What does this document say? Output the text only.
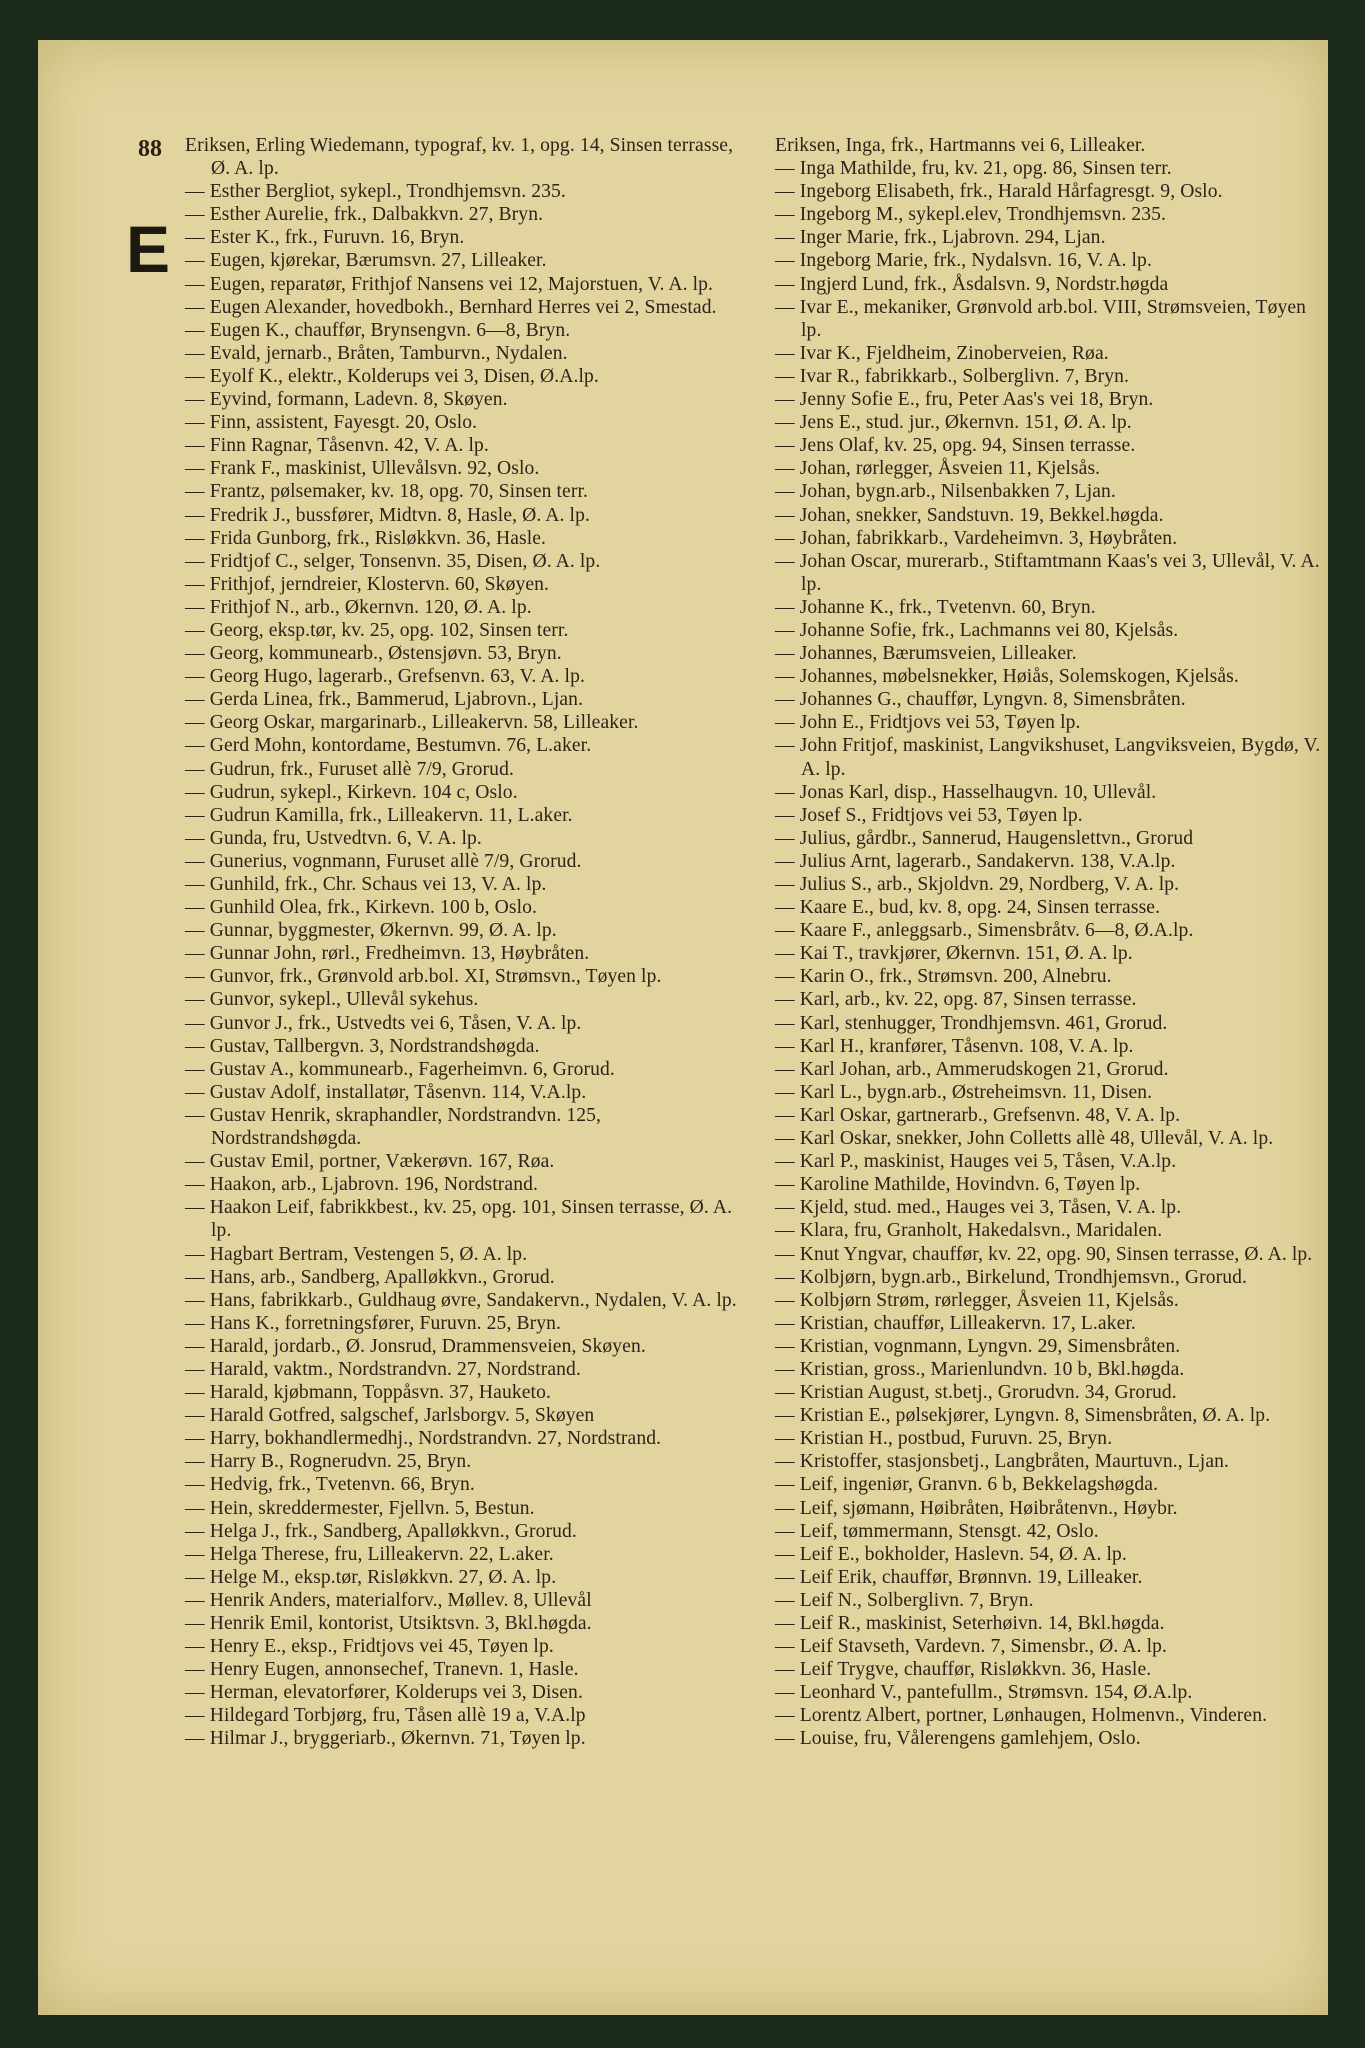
88
E

Eriksen, Erling Wiedemann, typograf, kv. 1, opg. 14, Sinsen terrasse, Ø. A. lp.

— Esther Bergliot, sykepl., Trondhjemsvn. 235.

— Esther Aurelie, frk., Dalbakkvn. 27, Bryn.

— Ester K., frk., Furuvn. 16, Bryn.

— Eugen, kjørekar, Bærumsvn. 27, Lilleaker.

— Eugen, reparatør, Frithjof Nansens vei 12, Majorstuen, V. A. lp.

— Eugen Alexander, hovedbokh., Bernhard Herres vei 2, Smestad.

— Eugen K., chauffør, Brynsengvn. 6—8, Bryn.

— Evald, jernarb., Bråten, Tamburvn., Nydalen.

— Eyolf K., elektr., Kolderups vei 3, Disen, Ø.A.lp.

— Eyvind, formann, Ladevn. 8, Skøyen.

— Finn, assistent, Fayesgt. 20, Oslo.

— Finn Ragnar, Tåsenvn. 42, V. A. lp.

— Frank F., maskinist, Ullevålsvn. 92, Oslo.

— Frantz, pølsemaker, kv. 18, opg. 70, Sinsen terr.

— Fredrik J., bussfører, Midtvn. 8, Hasle, Ø. A. lp.

— Frida Gunborg, frk., Risløkkvn. 36, Hasle.

— Fridtjof C., selger, Tonsenvn. 35, Disen, Ø. A. lp.

— Frithjof, jerndreier, Klostervn. 60, Skøyen.

— Frithjof N., arb., Økernvn. 120, Ø. A. lp.

— Georg, eksp.tør, kv. 25, opg. 102, Sinsen terr.

— Georg, kommunearb., Østensjøvn. 53, Bryn.

— Georg Hugo, lagerarb., Grefsenvn. 63, V. A. lp.

— Gerda Linea, frk., Bammerud, Ljabrovn., Ljan.

— Georg Oskar, margarinarb., Lilleakervn. 58, Lilleaker.

— Gerd Mohn, kontordame, Bestumvn. 76, L.aker.

— Gudrun, frk., Furuset allè 7/9, Grorud.

— Gudrun, sykepl., Kirkevn. 104 c, Oslo.

— Gudrun Kamilla, frk., Lilleakervn. 11, L.aker.

— Gunda, fru, Ustvedtvn. 6, V. A. lp.

— Gunerius, vognmann, Furuset allè 7/9, Grorud.

— Gunhild, frk., Chr. Schaus vei 13, V. A. lp.

— Gunhild Olea, frk., Kirkevn. 100 b, Oslo.

— Gunnar, byggmester, Økernvn. 99, Ø. A. lp.

— Gunnar John, rørl., Fredheimvn. 13, Høybråten.

— Gunvor, frk., Grønvold arb.bol. XI, Strømsvn., Tøyen lp.

— Gunvor, sykepl., Ullevål sykehus.

— Gunvor J., frk., Ustvedts vei 6, Tåsen, V. A. lp.

— Gustav, Tallbergvn. 3, Nordstrandshøgda.

— Gustav A., kommunearb., Fagerheimvn. 6, Grorud.

— Gustav Adolf, installatør, Tåsenvn. 114, V.A.lp.

— Gustav Henrik, skraphandler, Nordstrandvn. 125, Nordstrandshøgda.

— Gustav Emil, portner, Vækerøvn. 167, Røa.

— Haakon, arb., Ljabrovn. 196, Nordstrand.

— Haakon Leif, fabrikkbest., kv. 25, opg. 101, Sinsen terrasse, Ø. A. lp.

— Hagbart Bertram, Vestengen 5, Ø. A. lp.

— Hans, arb., Sandberg, Apalløkkvn., Grorud.

— Hans, fabrikkarb., Guldhaug øvre, Sandakervn., Nydalen, V. A. lp.

— Hans K., forretningsfører, Furuvn. 25, Bryn.

— Harald, jordarb., Ø. Jonsrud, Drammensveien, Skøyen.

— Harald, vaktm., Nordstrandvn. 27, Nordstrand.

— Harald, kjøbmann, Toppåsvn. 37, Hauketo.

— Harald Gotfred, salgschef, Jarlsborgv. 5, Skøyen

— Harry, bokhandlermedhj., Nordstrandvn. 27, Nordstrand.

— Harry B., Rognerudvn. 25, Bryn.

— Hedvig, frk., Tvetenvn. 66, Bryn.

— Hein, skreddermester, Fjellvn. 5, Bestun.

— Helga J., frk., Sandberg, Apalløkkvn., Grorud.

— Helga Therese, fru, Lilleakervn. 22, L.aker.

— Helge M., eksp.tør, Risløkkvn. 27, Ø. A. lp.

— Henrik Anders, materialforv., Møllev. 8, Ullevål

— Henrik Emil, kontorist, Utsiktsvn. 3, Bkl.høgda.

— Henry E., eksp., Fridtjovs vei 45, Tøyen lp.

— Henry Eugen, annonsechef, Tranevn. 1, Hasle.

— Herman, elevatorfører, Kolderups vei 3, Disen.

— Hildegard Torbjørg, fru, Tåsen allè 19 a, V.A.lp

— Hilmar J., bryggeriarb., Økernvn. 71, Tøyen lp.

Eriksen, Inga, frk., Hartmanns vei 6, Lilleaker.

— Inga Mathilde, fru, kv. 21, opg. 86, Sinsen terr.

— Ingeborg Elisabeth, frk., Harald Hårfagresgt. 9, Oslo.

— Ingeborg M., sykepl.elev, Trondhjemsvn. 235.

— Inger Marie, frk., Ljabrovn. 294, Ljan.

— Ingeborg Marie, frk., Nydalsvn. 16, V. A. lp.

— Ingjerd Lund, frk., Åsdalsvn. 9, Nordstr.høgda

— Ivar E., mekaniker, Grønvold arb.bol. VIII, Strømsveien, Tøyen lp.

— Ivar K., Fjeldheim, Zinoberveien, Røa.

— Ivar R., fabrikkarb., Solberglivn. 7, Bryn.

— Jenny Sofie E., fru, Peter Aas's vei 18, Bryn.

— Jens E., stud. jur., Økernvn. 151, Ø. A. lp.

— Jens Olaf, kv. 25, opg. 94, Sinsen terrasse.

— Johan, rørlegger, Åsveien 11, Kjelsås.

— Johan, bygn.arb., Nilsenbakken 7, Ljan.

— Johan, snekker, Sandstuvn. 19, Bekkel.høgda.

— Johan, fabrikkarb., Vardeheimvn. 3, Høybråten.

— Johan Oscar, murerarb., Stiftamtmann Kaas's vei 3, Ullevål, V. A. lp.

— Johanne K., frk., Tvetenvn. 60, Bryn.

— Johanne Sofie, frk., Lachmanns vei 80, Kjelsås.

— Johannes, Bærumsveien, Lilleaker.

— Johannes, møbelsnekker, Høiås, Solemskogen, Kjelsås.

— Johannes G., chauffør, Lyngvn. 8, Simensbråten.

— John E., Fridtjovs vei 53, Tøyen lp.

— John Fritjof, maskinist, Langvikshuset, Langviksveien, Bygdø, V. A. lp.

— Jonas Karl, disp., Hasselhaugvn. 10, Ullevål.

— Josef S., Fridtjovs vei 53, Tøyen lp.

— Julius, gårdbr., Sannerud, Haugenslettvn., Grorud

— Julius Arnt, lagerarb., Sandakervn. 138, V.A.lp.

— Julius S., arb., Skjoldvn. 29, Nordberg, V. A. lp.

— Kaare E., bud, kv. 8, opg. 24, Sinsen terrasse.

— Kaare F., anleggsarb., Simensbråtv. 6—8, Ø.A.lp.

— Kai T., travkjører, Økernvn. 151, Ø. A. lp.

— Karin O., frk., Strømsvn. 200, Alnebru.

— Karl, arb., kv. 22, opg. 87, Sinsen terrasse.

— Karl, stenhugger, Trondhjemsvn. 461, Grorud.

— Karl H., kranfører, Tåsenvn. 108, V. A. lp.

— Karl Johan, arb., Ammerudskogen 21, Grorud.

— Karl L., bygn.arb., Østreheimsvn. 11, Disen.

— Karl Oskar, gartnerarb., Grefsenvn. 48, V. A. lp.

— Karl Oskar, snekker, John Colletts allè 48, Ullevål, V. A. lp.

— Karl P., maskinist, Hauges vei 5, Tåsen, V.A.lp.

— Karoline Mathilde, Hovindvn. 6, Tøyen lp.

— Kjeld, stud. med., Hauges vei 3, Tåsen, V. A. lp.

— Klara, fru, Granholt, Hakedalsvn., Maridalen.

— Knut Yngvar, chauffør, kv. 22, opg. 90, Sinsen terrasse, Ø. A. lp.

— Kolbjørn, bygn.arb., Birkelund, Trondhjemsvn., Grorud.

— Kolbjørn Strøm, rørlegger, Åsveien 11, Kjelsås.

— Kristian, chauffør, Lilleakervn. 17, L.aker.

— Kristian, vognmann, Lyngvn. 29, Simensbråten.

— Kristian, gross., Marienlundvn. 10 b, Bkl.høgda.

— Kristian August, st.betj., Grorudvn. 34, Grorud.

— Kristian E., pølsekjører, Lyngvn. 8, Simensbråten, Ø. A. lp.

— Kristian H., postbud, Furuvn. 25, Bryn.

— Kristoffer, stasjonsbetj., Langbråten, Maurtuvn., Ljan.

— Leif, ingeniør, Granvn. 6 b, Bekkelagshøgda.

— Leif, sjømann, Høibråten, Høibråtenvn., Høybr.

— Leif, tømmermann, Stensgt. 42, Oslo.

— Leif E., bokholder, Haslevn. 54, Ø. A. lp.

— Leif Erik, chauffør, Brønnvn. 19, Lilleaker.

— Leif N., Solberglivn. 7, Bryn.

— Leif R., maskinist, Seterhøivn. 14, Bkl.høgda.

— Leif Stavseth, Vardevn. 7, Simensbr., Ø. A. lp.

— Leif Trygve, chauffør, Risløkkvn. 36, Hasle.

— Leonhard V., pantefullm., Strømsvn. 154, Ø.A.lp.

— Lorentz Albert, portner, Lønhaugen, Holmenvn., Vinderen.

— Louise, fru, Vålerengens gamlehjem, Oslo.
